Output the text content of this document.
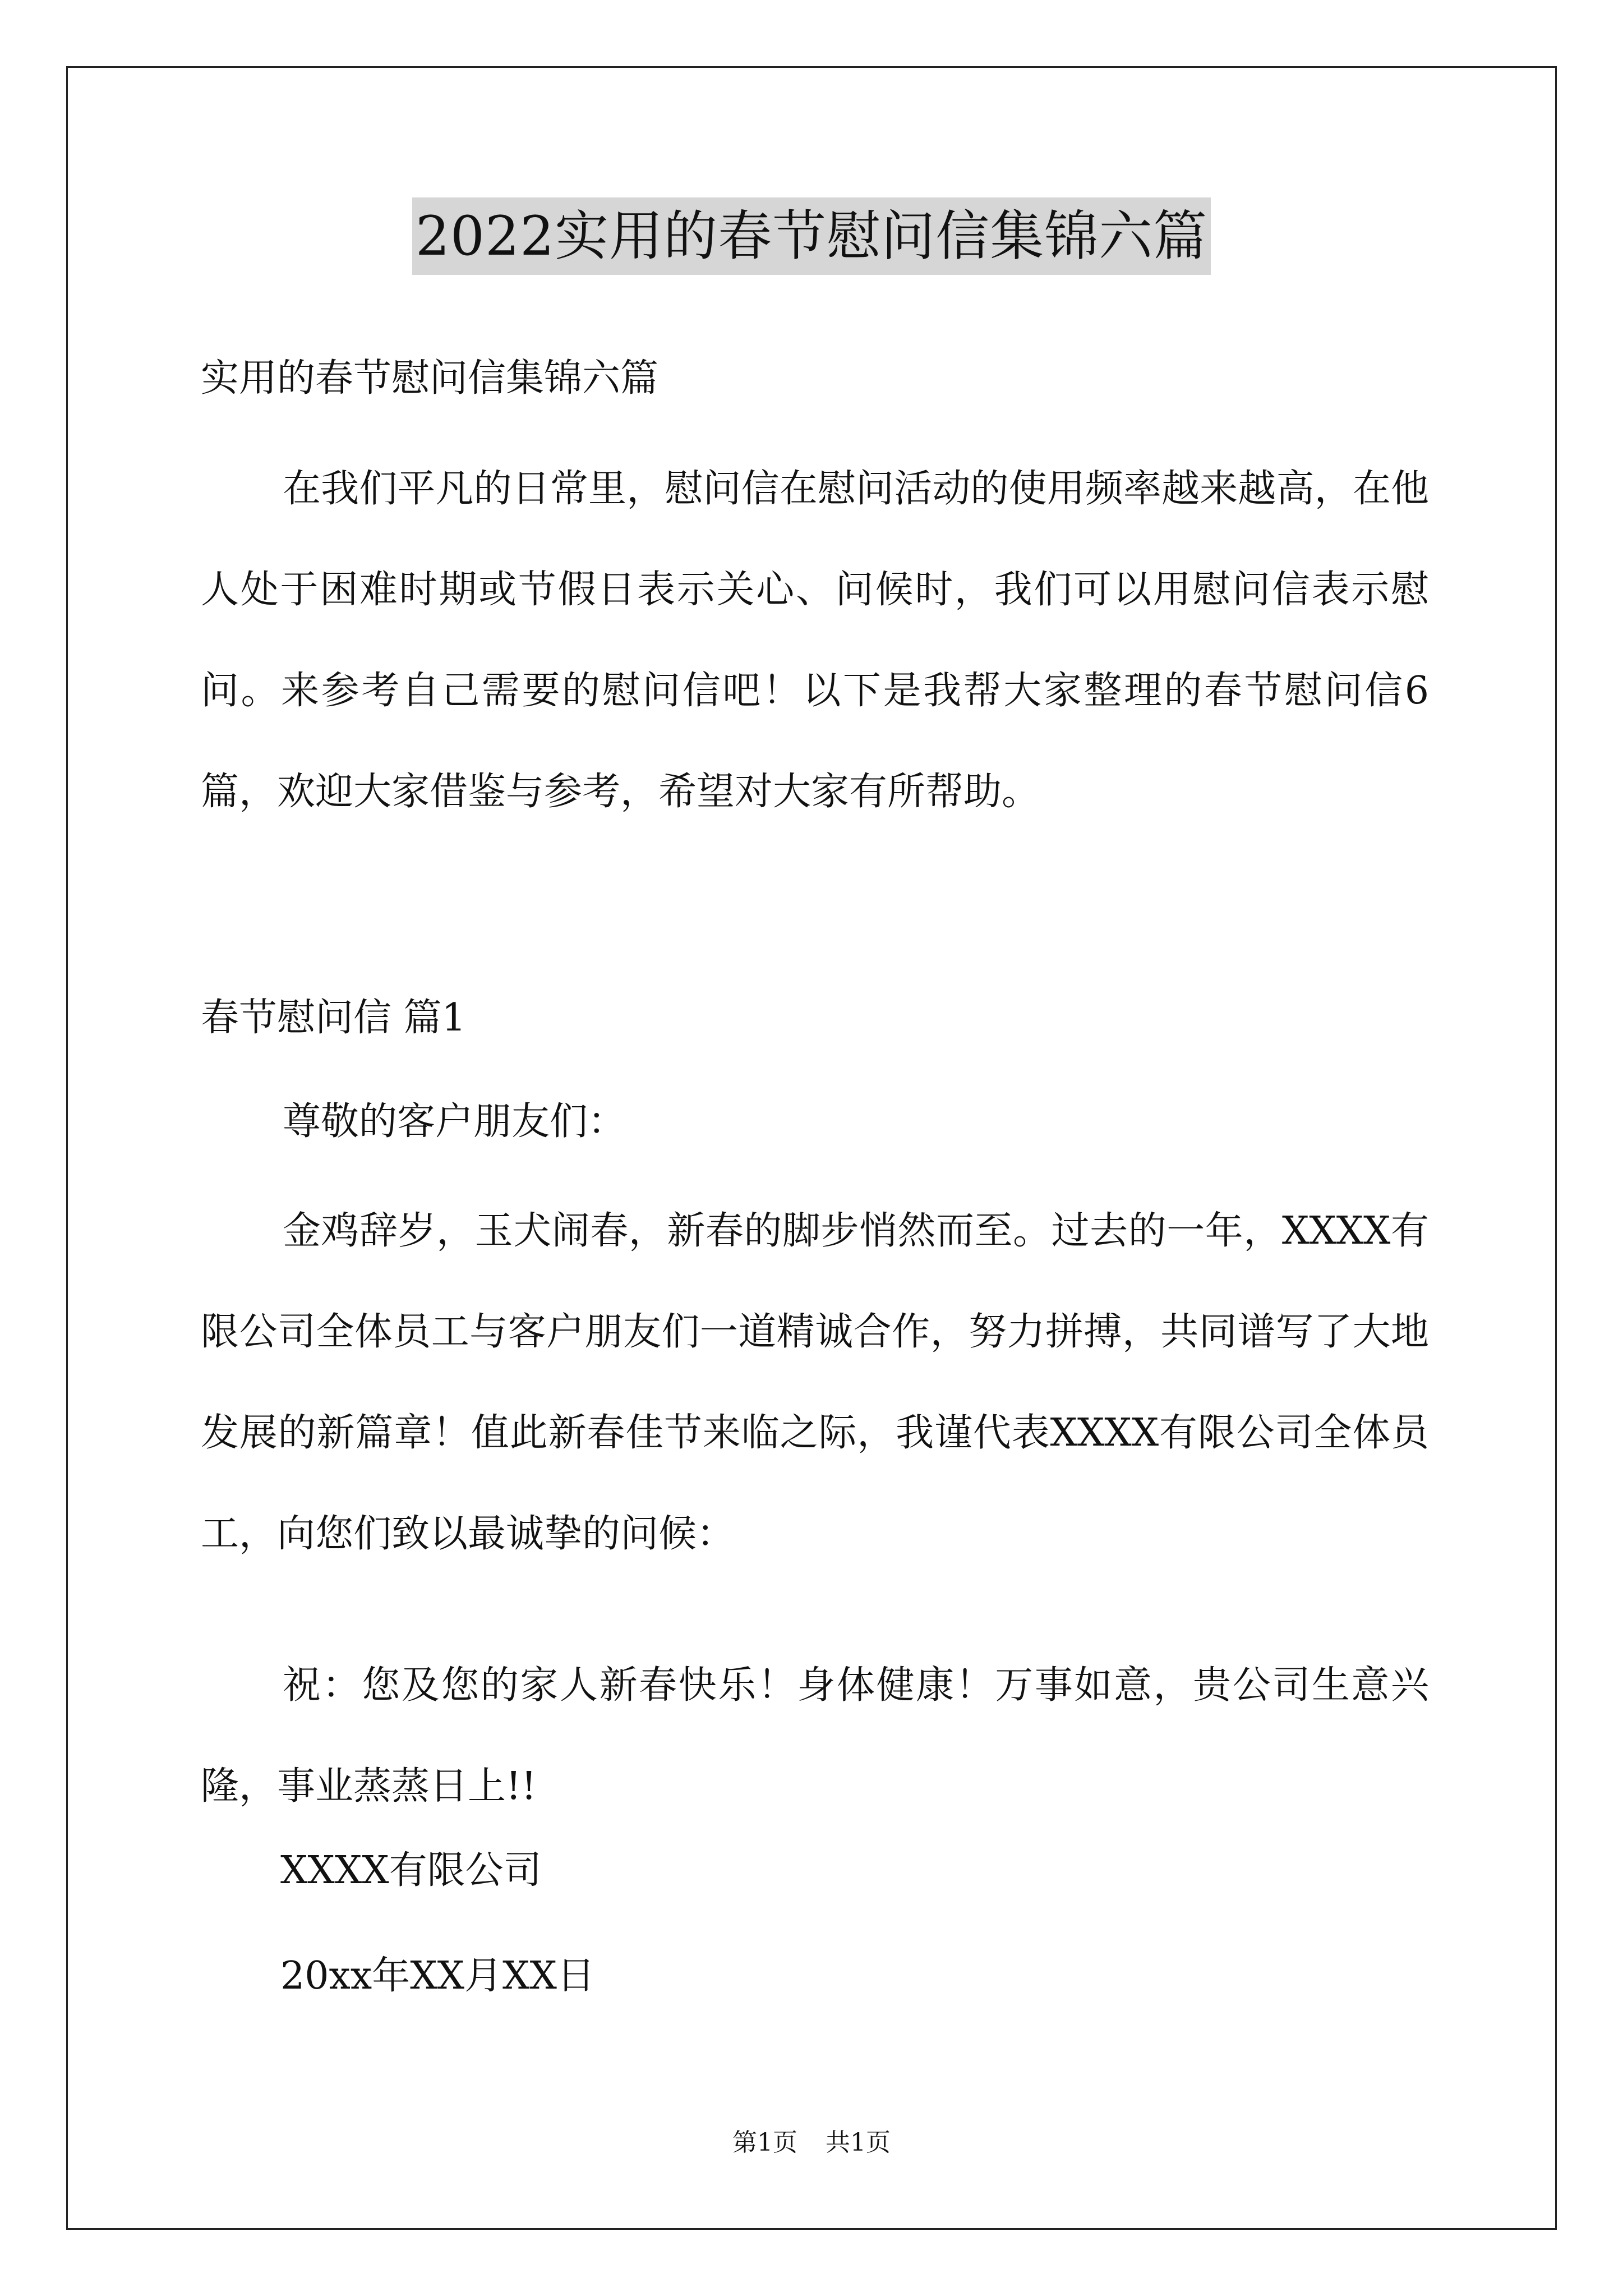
2022实用的春节慰问信集锦六篇
实用的春节慰问信集锦六篇
在我们平凡的日常里，慰问信在慰问活动的使用频率越来越高，在他人处于困难时期或节假日表示关心、问候时，我们可以用慰问信表示慰问。来参考自己需要的慰问信吧！以下是我帮大家整理的春节慰问信6篇，欢迎大家借鉴与参考，希望对大家有所帮助。
春节慰问信 篇1
尊敬的客户朋友们：
金鸡辞岁，玉犬闹春，新春的脚步悄然而至。过去的一年，XXXX有限公司全体员工与客户朋友们一道精诚合作，努力拼搏，共同谱写了大地发展的新篇章！值此新春佳节来临之际，我谨代表XXXX有限公司全体员工，向您们致以最诚挚的问候：
祝：您及您的家人新春快乐！身体健康！万事如意，贵公司生意兴隆，事业蒸蒸日上!!
XXXX有限公司
20xx年XX月XX日
第1页 共1页
